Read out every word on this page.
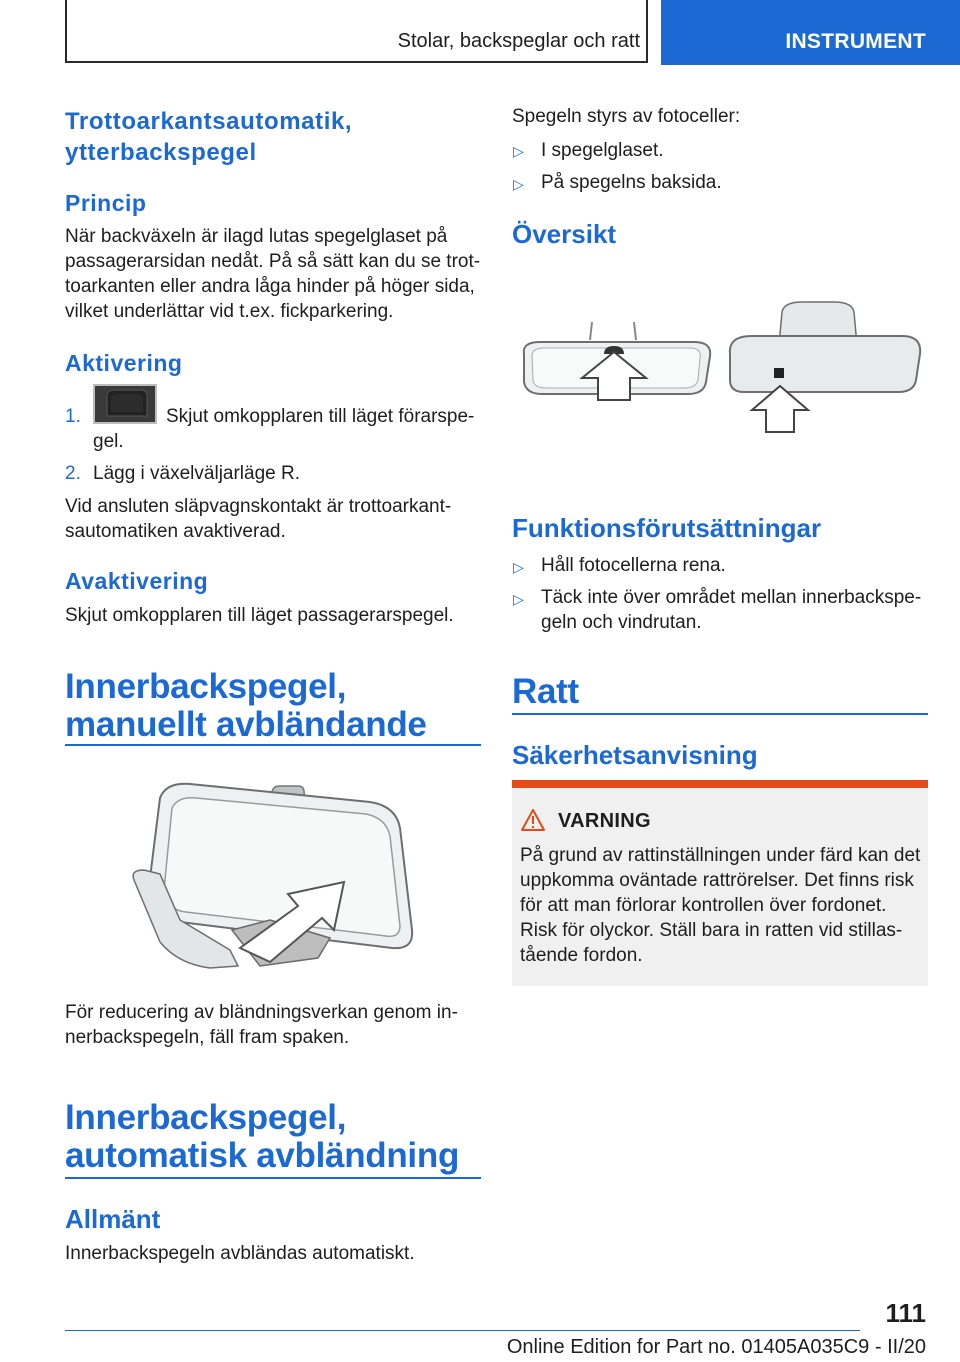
Stolar, backspeglar och ratt	INSTRUMENT
Trottoarkantsautomatik, ytterbackspegel
Princip
När backväxeln är ilagd lutas spegelglaset på passagerarsidan nedåt. På så sätt kan du se trottoarkanten eller andra låga hinder på höger sida, vilket underlättar vid t.ex. fickparkering.
Aktivering
1.	Skjut omkopplaren till läget förarspegel.
2. Lägg i växelväljarläge R.
Vid ansluten släpvagnskontakt är trottoarkantsautomatiken avaktiverad.
Avaktivering
Skjut omkopplaren till läget passagerarspegel.
Innerbackspegel, manuellt avbländande
För reducering av bländningsverkan genom innerbackspegeln, fäll fram spaken.
Innerbackspegel, automatisk avbländning
Allmänt
Innerbackspegeln avbländas automatiskt.
Spegeln styrs av fotoceller:
▷ I spegelglaset.
▷ På spegelns baksida.
Översikt
Funktionsförutsättningar
▷ Håll fotocellerna rena.
▷ Täck inte över området mellan innerbackspegeln och vindrutan.
Ratt
Säkerhetsanvisning
VARNING
På grund av rattinställningen under färd kan det uppkomma oväntade rattrörelser. Det finns risk för att man förlorar kontrollen över fordonet. Risk för olyckor. Ställ bara in ratten vid stillastående fordon.
111
Online Edition for Part no. 01405A035C9 - II/20
